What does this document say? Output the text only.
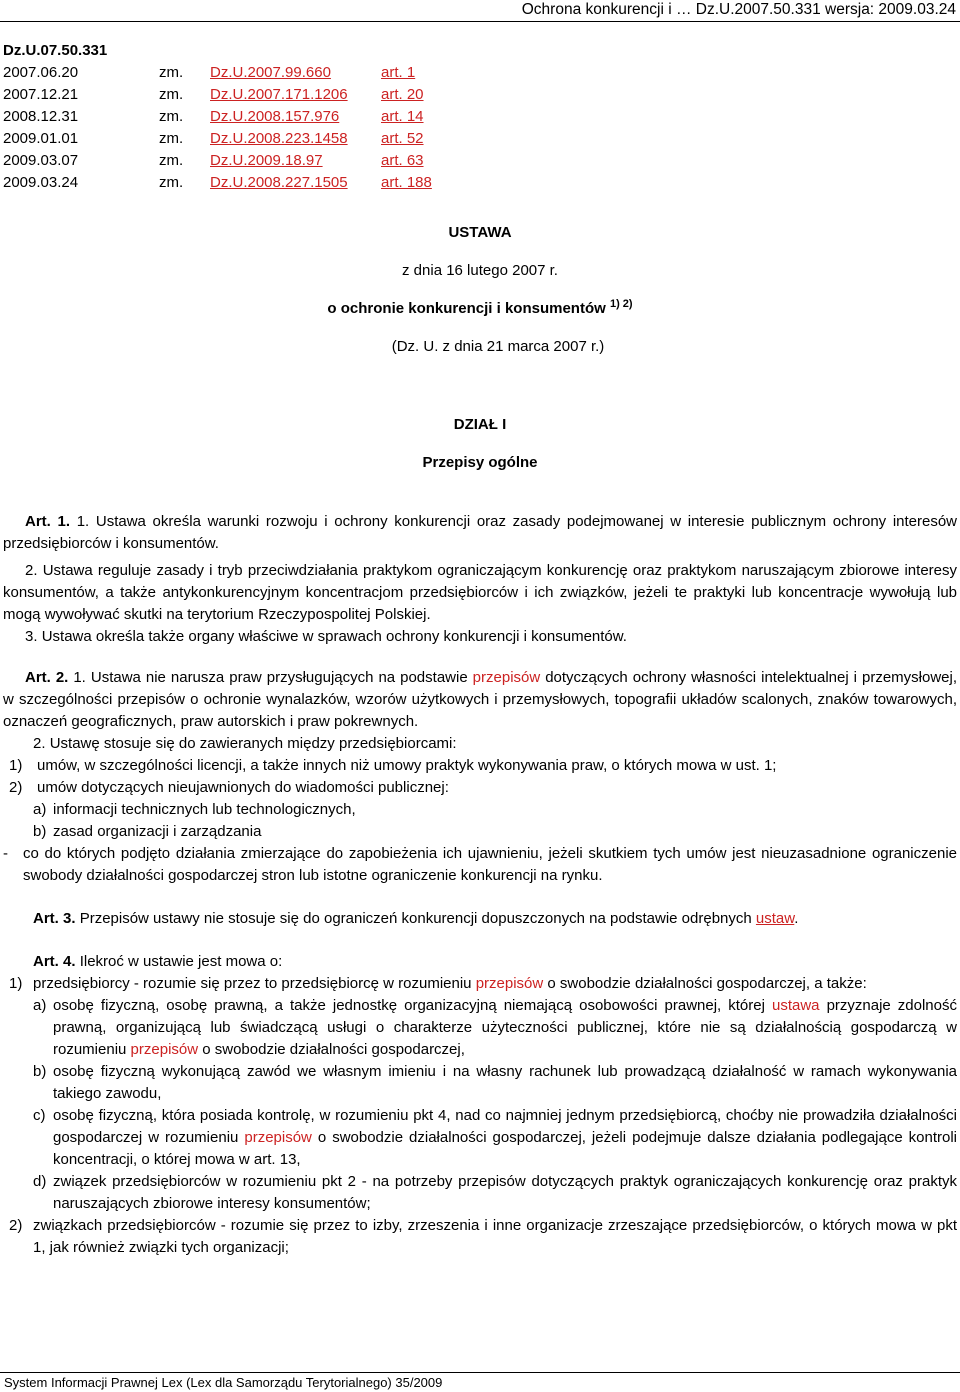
Ochrona konkurencji i … Dz.U.2007.50.331 wersja: 2009.03.24
Dz.U.07.50.331
2007.06.20	zm.	Dz.U.2007.99.660	art. 1
2007.12.21	zm.	Dz.U.2007.171.1206	art. 20
2008.12.31	zm.	Dz.U.2008.157.976	art. 14
2009.01.01	zm.	Dz.U.2008.223.1458	art. 52
2009.03.07	zm.	Dz.U.2009.18.97	art. 63
2009.03.24	zm.	Dz.U.2008.227.1505	art. 188
USTAWA
z dnia 16 lutego 2007 r.
o ochronie konkurencji i konsumentów $^{1) 2)}$
(Dz. U. z dnia 21 marca 2007 r.)
DZIAŁ I
Przepisy ogólne
Art. 1. 1. Ustawa określa warunki rozwoju i ochrony konkurencji oraz zasady podejmowanej w interesie publicznym ochrony interesów przedsiębiorców i konsumentów.
2. Ustawa reguluje zasady i tryb przeciwdziałania praktykom ograniczającym konkurencję oraz praktykom naruszającym zbiorowe interesy konsumentów, a także antykonkurencyjnym koncentracjom przedsiębiorców i ich związków, jeżeli te praktyki lub koncentracje wywołują lub mogą wywoływać skutki na terytorium Rzeczypospolitej Polskiej.
3. Ustawa określa także organy właściwe w sprawach ochrony konkurencji i konsumentów.
Art. 2. 1. Ustawa nie narusza praw przysługujących na podstawie przepisów dotyczących ochrony własności intelektualnej i przemysłowej, w szczególności przepisów o ochronie wynalazków, wzorów użytkowych i przemysłowych, topografii układów scalonych, znaków towarowych, oznaczeń geograficznych, praw autorskich i praw pokrewnych.
2. Ustawę stosuje się do zawieranych między przedsiębiorcami:
1) umów, w szczególności licencji, a także innych niż umowy praktyk wykonywania praw, o których mowa w ust. 1;
2) umów dotyczących nieujawnionych do wiadomości publicznej:
a) informacji technicznych lub technologicznych,
b) zasad organizacji i zarządzania
- co do których podjęto działania zmierzające do zapobieżenia ich ujawnieniu, jeżeli skutkiem tych umów jest nieuzasadnione ograniczenie swobody działalności gospodarczej stron lub istotne ograniczenie konkurencji na rynku.
Art. 3. Przepisów ustawy nie stosuje się do ograniczeń konkurencji dopuszczonych na podstawie odrębnych ustaw.
Art. 4. Ilekroć w ustawie jest mowa o:
1) przedsiębiorcy - rozumie się przez to przedsiębiorcę w rozumieniu przepisów o swobodzie działalności gospodarczej, a także:
a) osobę fizyczną, osobę prawną, a także jednostkę organizacyjną niemającą osobowości prawnej, której ustawa przyznaje zdolność prawną, organizującą lub świadczącą usługi o charakterze użyteczności publicznej, które nie są działalnością gospodarczą w rozumieniu przepisów o swobodzie działalności gospodarczej,
b) osobę fizyczną wykonującą zawód we własnym imieniu i na własny rachunek lub prowadzącą działalność w ramach wykonywania takiego zawodu,
c) osobę fizyczną, która posiada kontrolę, w rozumieniu pkt 4, nad co najmniej jednym przedsiębiorcą, choćby nie prowadziła działalności gospodarczej w rozumieniu przepisów o swobodzie działalności gospodarczej, jeżeli podejmuje dalsze działania podlegające kontroli koncentracji, o której mowa w art. 13,
d) związek przedsiębiorców w rozumieniu pkt 2 - na potrzeby przepisów dotyczących praktyk ograniczających konkurencję oraz praktyk naruszających zbiorowe interesy konsumentów;
2) związkach przedsiębiorców - rozumie się przez to izby, zrzeszenia i inne organizacje zrzeszające przedsiębiorców, o których mowa w pkt 1, jak również związki tych organizacji;
System Informacji Prawnej Lex (Lex dla Samorządu Terytorialnego) 35/2009
